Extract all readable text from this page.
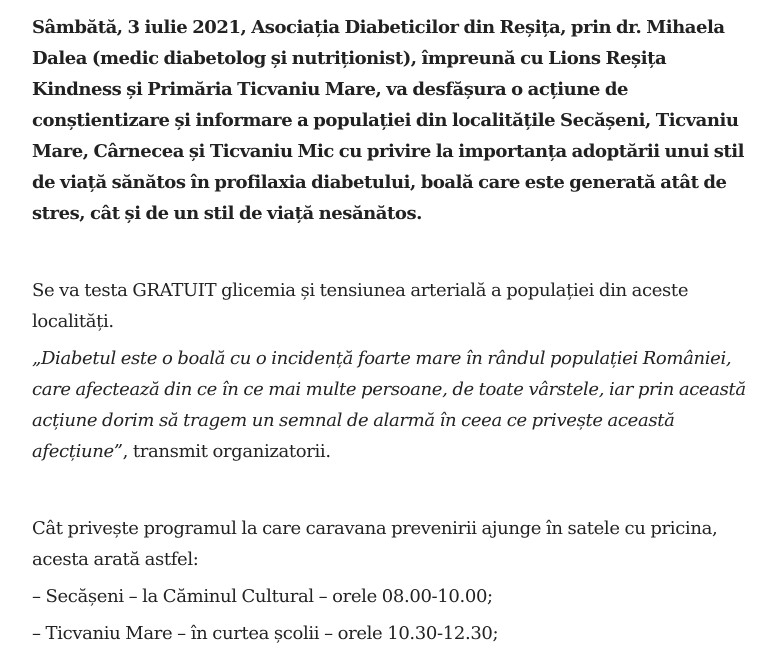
Sâmbătă, 3 iulie 2021, Asociația Diabeticilor din Reșița, prin dr. Mihaela Dalea (medic diabetolog și nutriționist), împreună cu Lions Reșița Kindness și Primăria Ticvaniu Mare, va desfășura o acțiune de conștientizare și informare a populației din localitățile Secășeni, Ticvaniu Mare, Cârnecea și Ticvaniu Mic cu privire la importanța adoptării unui stil de viață sănătos în profilaxia diabetului, boală care este generată atât de stres, cât și de un stil de viață nesănătos.

Se va testa GRATUIT glicemia și tensiunea arterială a populației din aceste localități.

„Diabetul este o boală cu o incidență foarte mare în rândul populației României, care afectează din ce în ce mai multe persoane, de toate vârstele, iar prin această acțiune dorim să tragem un semnal de alarmă în ceea ce privește această afecțiune”, transmit organizatorii.

Cât privește programul la care caravana prevenirii ajunge în satele cu pricina, acesta arată astfel:

– Secășeni – la Căminul Cultural – orele 08.00-10.00;

– Ticvaniu Mare – în curtea școlii – orele 10.30-12.30;
